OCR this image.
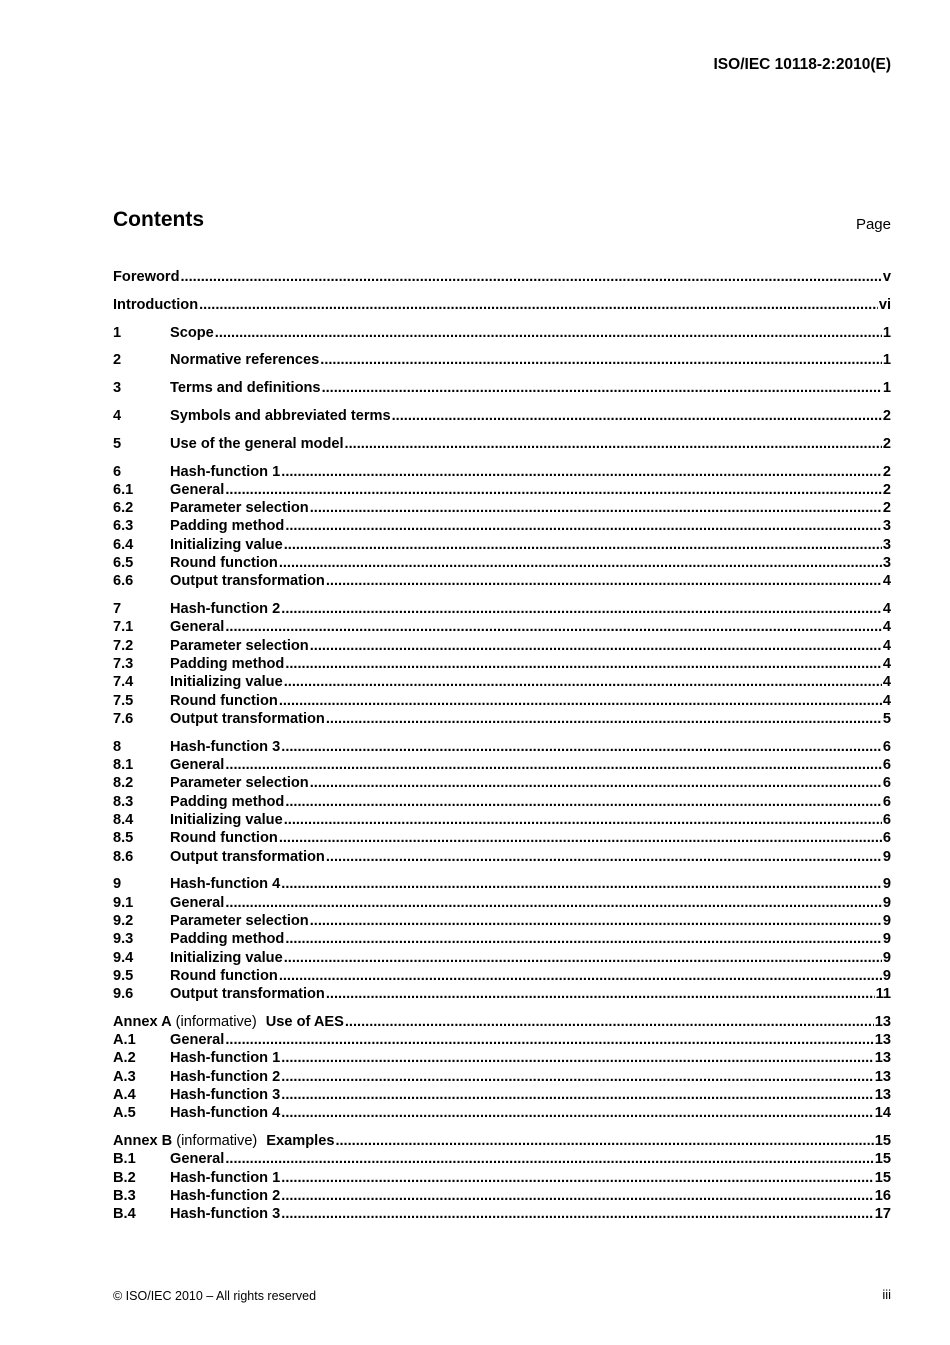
ISO/IEC 10118-2:2010(E)
Contents	Page
Foreword .....	v
Introduction .....	vi
1	Scope .....	1
2	Normative references .....	1
3	Terms and definitions .....	1
4	Symbols and abbreviated terms .....	2
5	Use of the general model .....	2
6	Hash-function 1 .....	2
6.1	General .....	2
6.2	Parameter selection .....	2
6.3	Padding method .....	3
6.4	Initializing value .....	3
6.5	Round function .....	3
6.6	Output transformation .....	4
7	Hash-function 2 .....	4
7.1	General .....	4
7.2	Parameter selection .....	4
7.3	Padding method .....	4
7.4	Initializing value .....	4
7.5	Round function .....	4
7.6	Output transformation .....	5
8	Hash-function 3 .....	6
8.1	General .....	6
8.2	Parameter selection .....	6
8.3	Padding method .....	6
8.4	Initializing value .....	6
8.5	Round function .....	6
8.6	Output transformation .....	9
9	Hash-function 4 .....	9
9.1	General .....	9
9.2	Parameter selection .....	9
9.3	Padding method .....	9
9.4	Initializing value .....	9
9.5	Round function .....	9
9.6	Output transformation .....	11
Annex A (informative) Use of AES .....	13
A.1	General .....	13
A.2	Hash-function 1 .....	13
A.3	Hash-function 2 .....	13
A.4	Hash-function 3 .....	13
A.5	Hash-function 4 .....	14
Annex B (informative) Examples .....	15
B.1	General .....	15
B.2	Hash-function 1 .....	15
B.3	Hash-function 2 .....	16
B.4	Hash-function 3 .....	17
© ISO/IEC 2010 – All rights reserved	iii
